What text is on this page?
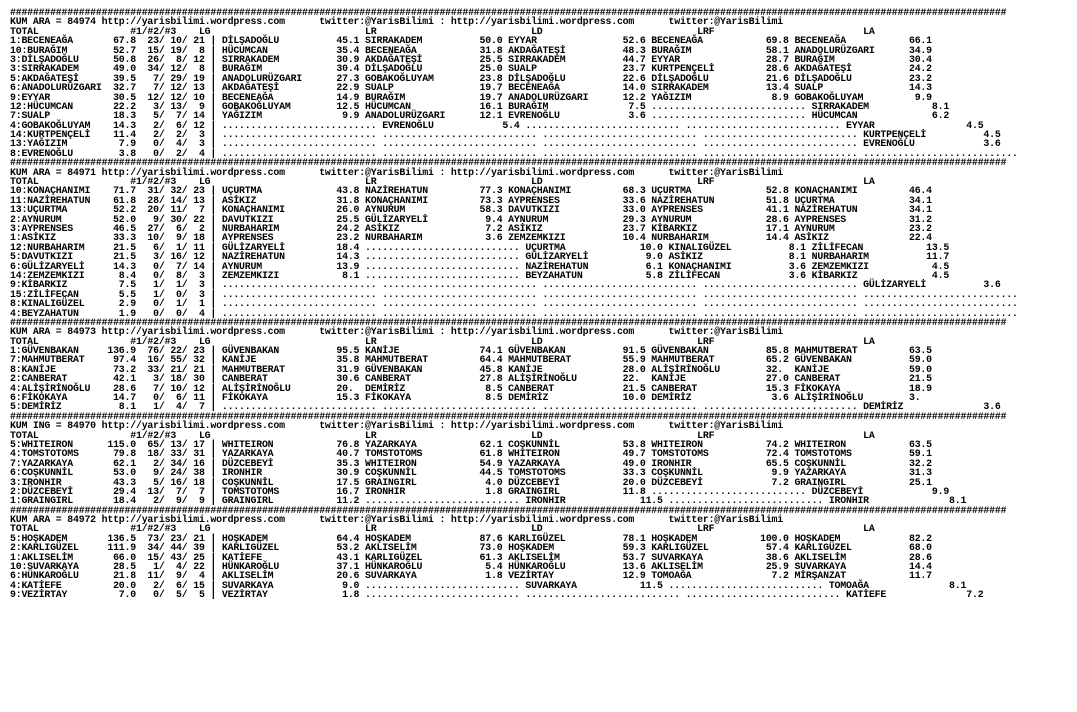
##############################################################################################################################################################################
KUM ARA = 84974 http://yarisbilimi.wordpress.com      twitter:@YarisBilimi : http://yarisbilimi.wordpress.com      twitter:@YarisBilimi
TOTAL                #1/#2/#3    LG                           LR                           LD                           LRF                          LA
1:BECENEAĞA       67.8  23/ 10/ 21 | DİLŞADOĞLU          45.1 SIRRAKADEM          50.0 EYYAR               52.6 BECENEAĞA           69.8 BECENEAĞA           66.1
10:BURAĞIM        52.7  15/ 19/  8 | HÜCUMCAN            35.4 BECENEAĞA           31.8 AKDAĞATEŞİ          48.3 BURAĞIM             58.1 ANADOLURÜZGARI      34.9
3:DİLŞADOĞLU      50.8  26/  8/ 12 | SIRRAKADEM          30.9 AKDAĞATEŞİ          25.5 SIRRAKADEM          44.7 EYYAR               28.7 BURAĞIM             30.4
3:SIRRAKADEM      49.0  34/ 12/  8 | BURAĞIM             30.4 DİLŞADOĞLU          25.0 SUALP               23.7 KURTPENÇELİ         28.6 AKDAĞATEŞİ          24.2
5:AKDAĞATEŞİ      39.5   7/ 29/ 19 | ANADOLURÜZGARI      27.3 GOBAKOĞLUYAM        23.8 DİLŞADOĞLU          22.6 DİLŞADOĞLU          21.6 DİLŞADOĞLU          23.2
6:ANADOLURÜZGARI  32.7   7/ 12/ 13 | AKDAĞATEŞİ          22.9 SUALP               19.7 BECENEAĞA           14.0 SIRRAKADEM          13.4 SUALP               14.3
9:EYYAR           30.5  12/ 12/ 10 | BECENEAĞA           14.9 BURAĞIM             19.7 ANADOLURÜZGARI      12.2 YAĞIZIM              8.9 GOBAKOĞLUYAM         9.9
12:HÜCUMCAN       22.2   3/ 13/  9 | GOBAKOĞLUYAM        12.5 HÜCUMCAN            16.1 BURAĞIM              7.5 ........................... SIRRAKADEM           8.1
7:SUALP           18.3   5/  7/ 14 | YAĞIZIM              9.9 ANADOLURÜZGARI      12.1 EVRENOĞLU            3.6 ........................... HÜCUMCAN             6.2
4:GOBAKOĞLUYAM    14.3   2/  6/ 12 | ........................... EVRENOĞLU            5.4 ........................... ........................... EYYAR                4.5
14:KURTPENÇELİ    11.4   2/  2/  3 | ........................... ........................... ........................... ........................... KURTPENÇELİ          4.5
13:YAĞIZIM         7.9   0/  4/  3 | ........................... ........................... ........................... ........................... EVRENOĞLU            3.6
8:EVRENOĞLU        3.8   0/  2/  4 | ........................... ........................... ........................... ........................... ...........................
##############################################################################################################################################################################
KUM ARA = 84971 http://yarisbilimi.wordpress.com      twitter:@YarisBilimi : http://yarisbilimi.wordpress.com      twitter:@YarisBilimi
TOTAL                #1/#2/#3    LG                           LR                           LD                           LRF                          LA
10:KONAÇHANIMI    71.7  31/ 32/ 23 | UÇURTMA             43.8 NAZİREHATUN         77.3 KONAÇHANIMI         68.3 UÇURTMA             52.8 KONAÇHANIMI         46.4
11:NAZİREHATUN    61.8  28/ 14/ 13 | ASİKIZ              31.8 KONAÇHANIMI         73.3 AYPRENSES           33.6 NAZİREHATUN         51.8 UÇURTMA             34.1
13:UÇURTMA        52.2  20/ 11/  7 | KONAÇHANIMI         26.0 AYNURUM             58.3 DAVUTKIZI           33.0 AYPRENSES           41.1 NAZİREHATUN         34.1
2:AYNURUM         52.0   9/ 30/ 22 | DAVUTKIZI           25.5 GÜLİZARYELİ          9.4 AYNURUM             29.3 AYNURUM             28.6 AYPRENSES           31.2
3:AYPRENSES       46.5  27/  6/  2 | NURBAHARIM          24.2 ASİKIZ               7.2 ASİKIZ              23.7 KİBARKIZ            17.1 AYNURUM             23.2
1:ASİKIZ          33.3  10/  9/ 18 | AYPRENSES           23.2 NURBAHARIM           3.6 ZEMZEMKIZI          10.4 NURBAHARIM          14.4 ASİKIZ              22.4
12:NURBAHARIM     21.5   6/  1/ 11 | GÜLİZARYELİ         18.4 ........................... UÇURTMA             10.0 KINALIGÜZEL          8.1 ZİLİFECAN           13.5
5:DAVUTKIZI       21.5   3/ 16/ 12 | NAZİREHATUN         14.3 ........................... GÜLİZARYELİ          9.0 ASİKIZ               8.1 NURBAHARIM          11.7
6:GÜLİZARYELİ     14.3   0/  7/ 14 | AYNURUM             13.9 ........................... NAZİREHATUN          6.1 KONAÇHANIMI          3.6 ZEMZEMKIZI           4.5
14:ZEMZEMKIZI      8.4   0/  8/  3 | ZEMZEMKIZI           8.1 ........................... BEYZAHATUN           5.8 ZİLİFECAN            3.6 KİBARKIZ             4.5
9:KİBARKIZ         7.5   1/  1/  3 | ........................... ........................... ........................... ........................... GÜLİZARYELİ          3.6
15:ZİLİFECAN       5.5   1/  0/  3 | ........................... ........................... ........................... ........................... ...........................
8:KINALIGÜZEL      2.9   0/  1/  1 | ........................... ........................... ........................... ........................... ...........................
4:BEYZAHATUN       1.9   0/  0/  4 | ........................... ........................... ........................... ........................... ...........................
##############################################################################################################################################################################
KUM ARA = 84973 http://yarisbilimi.wordpress.com      twitter:@YarisBilimi : http://yarisbilimi.wordpress.com      twitter:@YarisBilimi
TOTAL                #1/#2/#3    LG                           LR                           LD                           LRF                          LA
1:GÜVENBAKAN     136.9  76/ 22/ 23 | GÜVENBAKAN          95.5 KANİJE              74.1 GÜVENBAKAN          91.5 GÜVENBAKAN          85.8 MAHMUTBERAT         63.5
7:MAHMUTBERAT     97.4  16/ 55/ 32 | KANİJE              35.8 MAHMUTBERAT         64.4 MAHMUTBERAT         55.9 MAHMUTBERAT         65.2 GÜVENBAKAN          59.0
8:KANİJE          73.2  33/ 21/ 21 | MAHMUTBERAT         31.9 GÜVENBAKAN          45.8 KANİJE              28.0 ALİŞİRİNOĞLU        32.  KANİJE              59.0
2:CANBERAT        42.1   3/ 18/ 30 | CANBERAT            30.6 CANBERAT            27.8 ALİŞİRİNOĞLU        22.  KANİJE              27.0 CANBERAT            21.5
4:ALİŞİRİNOĞLU    28.6   7/ 10/ 12 | ALİŞİRİNOĞLU        20.  DEMİRİZ              8.5 CANBERAT            21.5 CANBERAT            15.3 FİKOKAYA            18.9
6:FİKOKAYA        14.7   0/  6/ 11 | FİKOKAYA            15.3 FİKOKAYA             8.5 DEMİRİZ             10.0 DEMİRİZ              3.6 ALİŞİRİNOĞLU        3.
5:DEMİRİZ          8.1   1/  4/  7 | ........................... ........................... ........................... ........................... DEMİRİZ              3.6
##############################################################################################################################################################################
KUM ING = 84970 http://yarisbilimi.wordpress.com      twitter:@YarisBilimi : http://yarisbilimi.wordpress.com      twitter:@YarisBilimi
TOTAL                #1/#2/#3    LG                           LR                           LD                           LRF                          LA
5:WHITEIRON      115.0  65/ 13/ 17 | WHITEIRON           76.8 YAZARKAYA           62.1 COŞKUNNİL           53.8 WHITEIRON           74.2 WHITEIRON           63.5
4:TOMSTOTOMS      79.8  18/ 33/ 31 | YAZARKAYA           40.7 TOMSTOTOMS          61.8 WHITEIRON           49.7 TOMSTOTOMS          72.4 TOMSTOTOMS          59.1
7:YAZARKAYA       62.1   2/ 34/ 16 | DÜZCEBEYİ           35.3 WHITEIRON           54.9 YAZARKAYA           49.0 IRONHIR             65.5 COŞKUNNİL           32.2
6:COŞKUNNİL       53.0   9/ 24/ 38 | IRONHIR             30.9 COŞKUNNİL           44.5 TOMSTOTOMS          33.3 COŞKUNNİL            9.9 YAZARKAYA           31.3
3:IRONHIR         43.3   5/ 16/ 18 | COŞKUNNİL           17.5 GRAINGIRL            4.0 DÜZCEBEYİ           20.0 DÜZCEBEYİ            7.2 GRAINGIRL           25.1
2:DÜZCEBEYİ       29.4  13/  7/  7 | TOMSTOTOMS          16.7 IRONHIR              1.8 GRAINGIRL           11.8 ........................... DÜZCEBEYİ            9.9
1:GRAINGIRL       18.4   2/  9/  9 | GRAINGIRL           11.2 ........................... IRONHIR             11.5 ........................... IRONHIR              8.1
##############################################################################################################################################################################
KUM ARA = 84972 http://yarisbilimi.wordpress.com      twitter:@YarisBilimi : http://yarisbilimi.wordpress.com      twitter:@YarisBilimi
TOTAL                #1/#2/#3    LG                           LR                           LD                           LRF                          LA
5:HOŞKADEM       136.5  73/ 23/ 21 | HOŞKADEM            64.4 HOŞKADEM            87.6 KARLIGÜZEL          78.1 HOŞKADEM           100.0 HOŞKADEM            82.2
2:KARLIGÜZEL     111.9  34/ 44/ 39 | KARLIGÜZEL          53.2 AKLISELİM           73.0 HOŞKADEM            59.3 KARLIGÜZEL          57.4 KARLIGÜZEL          68.0
1:AKLISELİM       66.0  15/ 43/ 25 | KATİEFE             43.1 KARLIGÜZEL          61.3 AKLISELİM           53.7 SUVARKAYA           38.6 AKLISELİM           28.6
10:SUVARKAYA      28.5   1/  4/ 22 | HÜNKAROĞLU          37.1 HÜNKAROĞLU           5.4 HÜNKAROĞLU          13.6 AKLISELİM           25.9 SUVARKAYA           14.4
6:HÜNKAROĞLU      21.8  11/  9/  4 | AKLISELİM           20.6 SUVARKAYA            1.8 VEZİRTAY            12.9 TOMOAĞA              7.2 MİRŞANZAT           11.7
4:KATİEFE         20.0   2/  6/ 15 | SUVARKAYA            9.0 ........................... SUVARKAYA           11.5 ........................... TOMOAĞA              8.1
9:VEZİRTAY         7.0   0/  5/  5 | VEZİRTAY             1.8 ........................... ........................... ........................... KATİEFE              7.2
